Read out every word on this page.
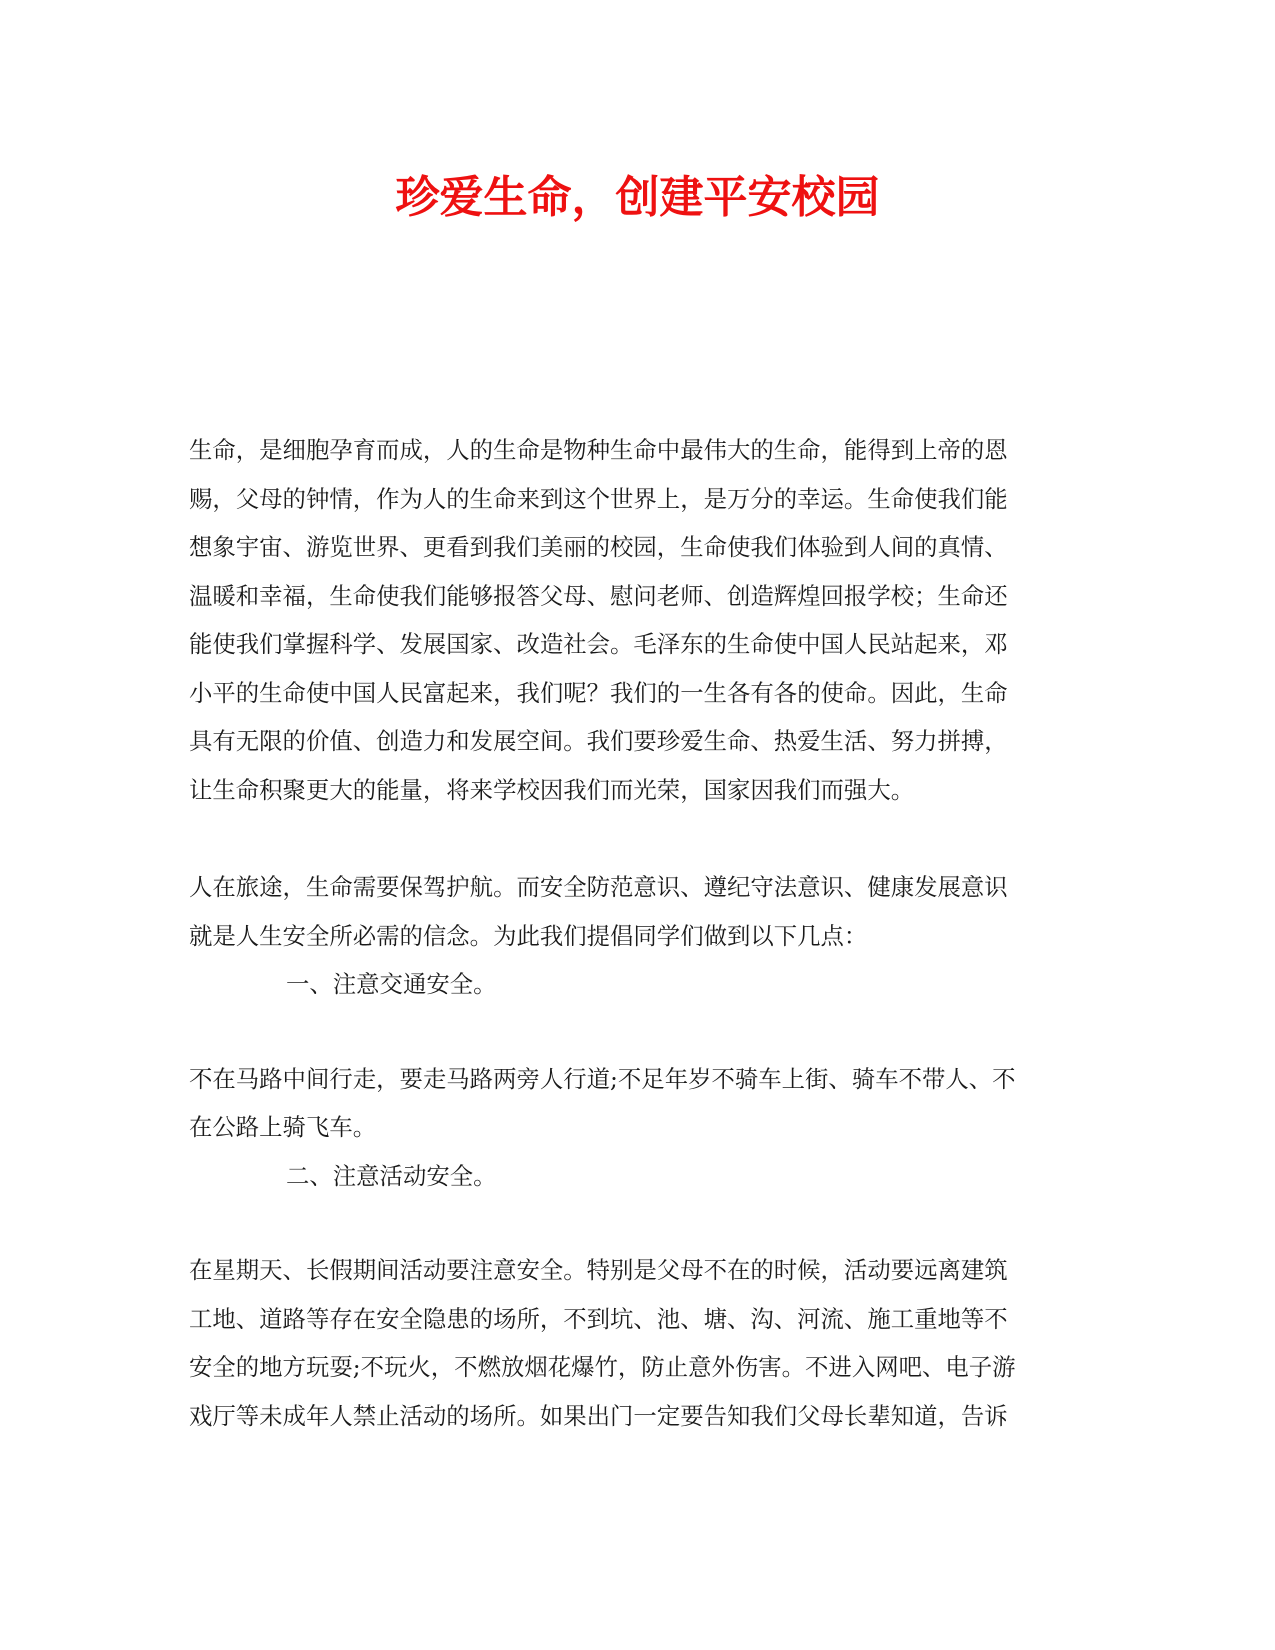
珍爱生命，创建平安校园

生命，是细胞孕育而成，人的生命是物种生命中最伟大的生命，能得到上帝的恩
赐，父母的钟情，作为人的生命来到这个世界上，是万分的幸运。生命使我们能
想象宇宙、游览世界、更看到我们美丽的校园，生命使我们体验到人间的真情、
温暖和幸福，生命使我们能够报答父母、慰问老师、创造辉煌回报学校；生命还
能使我们掌握科学、发展国家、改造社会。毛泽东的生命使中国人民站起来，邓
小平的生命使中国人民富起来，我们呢？我们的一生各有各的使命。因此，生命
具有无限的价值、创造力和发展空间。我们要珍爱生命、热爱生活、努力拼搏，
让生命积聚更大的能量，将来学校因我们而光荣，国家因我们而强大。

人在旅途，生命需要保驾护航。而安全防范意识、遵纪守法意识、健康发展意识
就是人生安全所必需的信念。为此我们提倡同学们做到以下几点：

一、注意交通安全。

不在马路中间行走，要走马路两旁人行道;不足年岁不骑车上街、骑车不带人、不
在公路上骑飞车。

二、注意活动安全。

在星期天、长假期间活动要注意安全。特别是父母不在的时候，活动要远离建筑
工地、道路等存在安全隐患的场所，不到坑、池、塘、沟、河流、施工重地等不
安全的地方玩耍;不玩火，不燃放烟花爆竹，防止意外伤害。不进入网吧、电子游
戏厅等未成年人禁止活动的场所。如果出门一定要告知我们父母长辈知道，告诉
